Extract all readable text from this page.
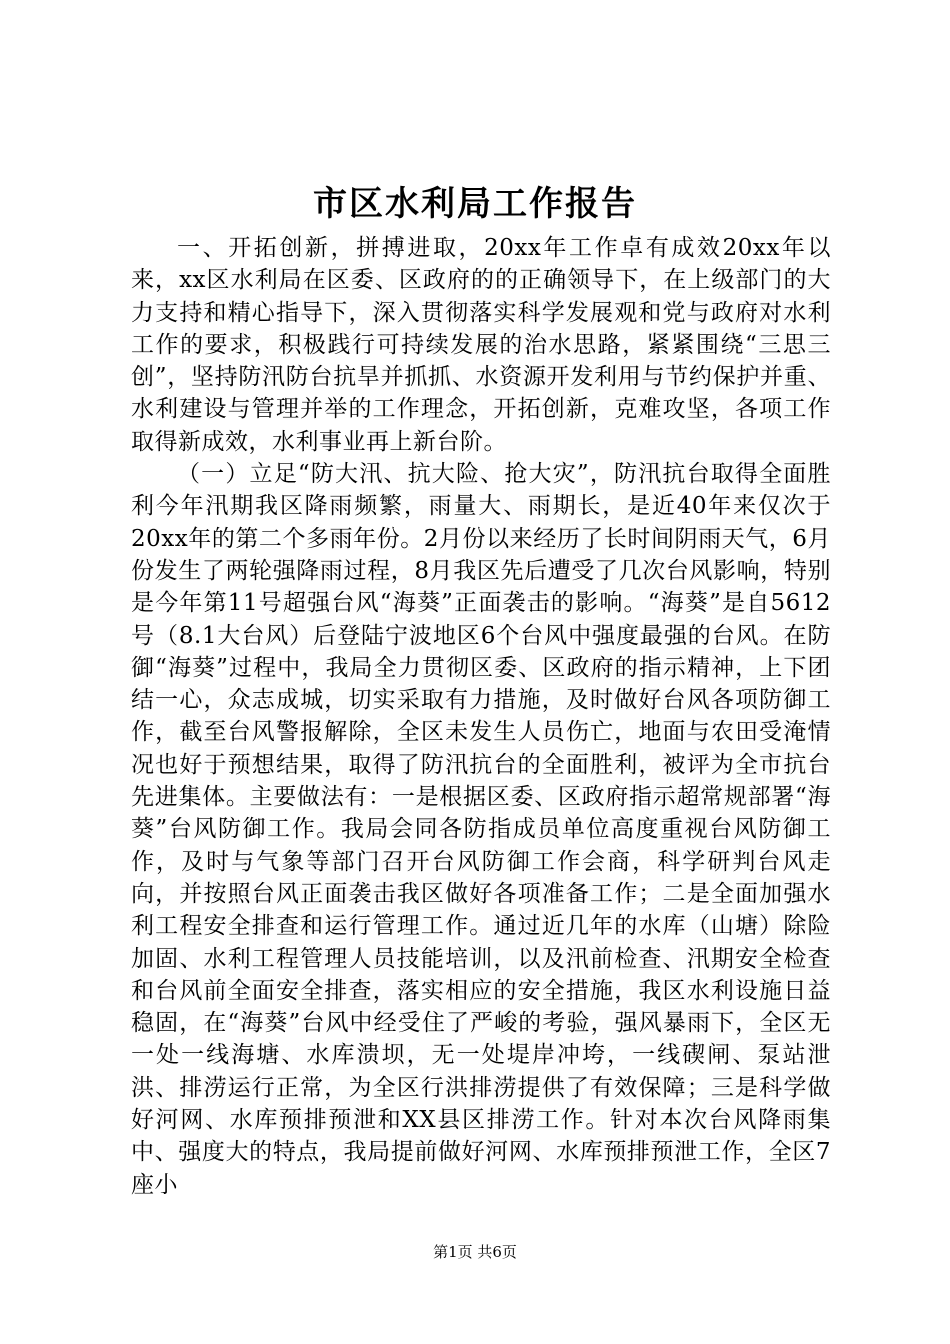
市区水利局工作报告

一、开拓创新，拼搏进取，20xx年工作卓有成效20xx年以来，xx区水利局在区委、区政府的的正确领导下，在上级部门的大力支持和精心指导下，深入贯彻落实科学发展观和党与政府对水利工作的要求，积极践行可持续发展的治水思路，紧紧围绕“三思三创”，坚持防汛防台抗旱并抓抓、水资源开发利用与节约保护并重、水利建设与管理并举的工作理念，开拓创新，克难攻坚，各项工作取得新成效，水利事业再上新台阶。

（一）立足“防大汛、抗大险、抢大灾”，防汛抗台取得全面胜利今年汛期我区降雨频繁，雨量大、雨期长，是近40年来仅次于20xx年的第二个多雨年份。2月份以来经历了长时间阴雨天气，6月份发生了两轮强降雨过程，8月我区先后遭受了几次台风影响，特别是今年第11号超强台风“海葵”正面袭击的影响。“海葵”是自5612号（8.1大台风）后登陆宁波地区6个台风中强度最强的台风。在防御“海葵”过程中，我局全力贯彻区委、区政府的指示精神，上下团结一心，众志成城，切实采取有力措施，及时做好台风各项防御工作，截至台风警报解除，全区未发生人员伤亡，地面与农田受淹情况也好于预想结果，取得了防汛抗台的全面胜利，被评为全市抗台先进集体。主要做法有：一是根据区委、区政府指示超常规部署“海葵”台风防御工作。我局会同各防指成员单位高度重视台风防御工作，及时与气象等部门召开台风防御工作会商，科学研判台风走向，并按照台风正面袭击我区做好各项准备工作；二是全面加强水利工程安全排查和运行管理工作。通过近几年的水库（山塘）除险加固、水利工程管理人员技能培训，以及汛前检查、汛期安全检查和台风前全面安全排查，落实相应的安全措施，我区水利设施日益稳固，在“海葵”台风中经受住了严峻的考验，强风暴雨下，全区无一处一线海塘、水库溃坝，无一处堤岸冲垮，一线碶闸、泵站泄洪、排涝运行正常，为全区行洪排涝提供了有效保障；三是科学做好河网、水库预排预泄和XX县区排涝工作。针对本次台风降雨集中、强度大的特点，我局提前做好河网、水库预排预泄工作，全区7座小

第1页 共6页
